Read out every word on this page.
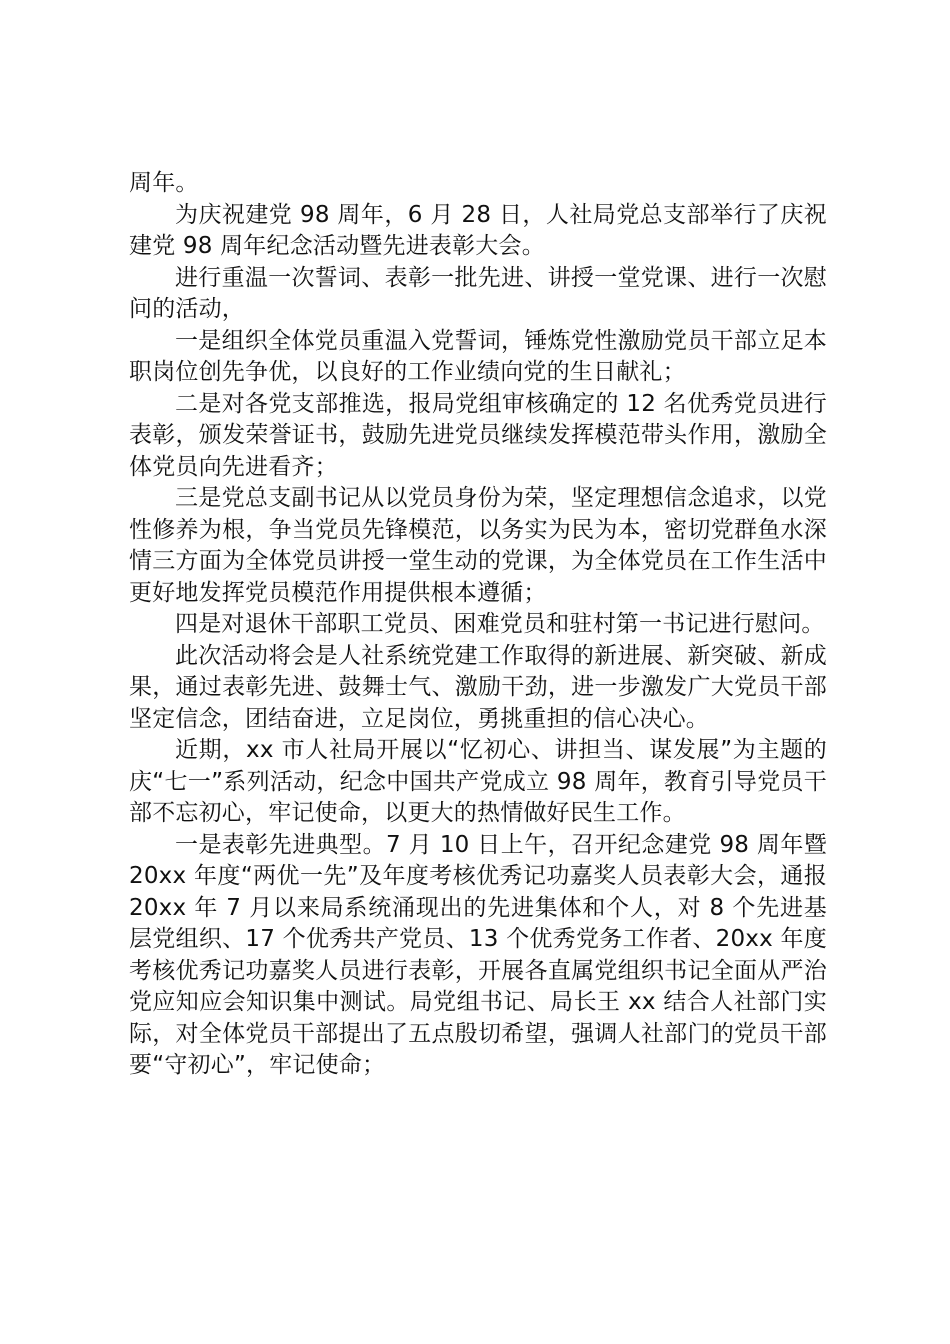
周年。

为庆祝建党 98 周年，6 月 28 日，人社局党总支部举行了庆祝建党 98 周年纪念活动暨先进表彰大会。

进行重温一次誓词、表彰一批先进、讲授一堂党课、进行一次慰问的活动，

一是组织全体党员重温入党誓词，锤炼党性激励党员干部立足本职岗位创先争优，以良好的工作业绩向党的生日献礼；

二是对各党支部推选，报局党组审核确定的 12 名优秀党员进行表彰，颁发荣誉证书，鼓励先进党员继续发挥模范带头作用，激励全体党员向先进看齐；

三是党总支副书记从以党员身份为荣，坚定理想信念追求，以党性修养为根，争当党员先锋模范，以务实为民为本，密切党群鱼水深情三方面为全体党员讲授一堂生动的党课，为全体党员在工作生活中更好地发挥党员模范作用提供根本遵循；

四是对退休干部职工党员、困难党员和驻村第一书记进行慰问。

此次活动将会是人社系统党建工作取得的新进展、新突破、新成果，通过表彰先进、鼓舞士气、激励干劲，进一步激发广大党员干部坚定信念，团结奋进，立足岗位，勇挑重担的信心决心。

近期，xx 市人社局开展以“忆初心、讲担当、谋发展”为主题的庆“七一”系列活动，纪念中国共产党成立 98 周年，教育引导党员干部不忘初心，牢记使命，以更大的热情做好民生工作。

一是表彰先进典型。7 月 10 日上午，召开纪念建党 98 周年暨 20xx 年度“两优一先”及年度考核优秀记功嘉奖人员表彰大会，通报 20xx 年 7 月以来局系统涌现出的先进集体和个人，对 8 个先进基层党组织、17 个优秀共产党员、13 个优秀党务工作者、20xx 年度考核优秀记功嘉奖人员进行表彰，开展各直属党组织书记全面从严治党应知应会知识集中测试。局党组书记、局长王 xx 结合人社部门实际，对全体党员干部提出了五点殷切希望，强调人社部门的党员干部要“守初心”，牢记使命；
